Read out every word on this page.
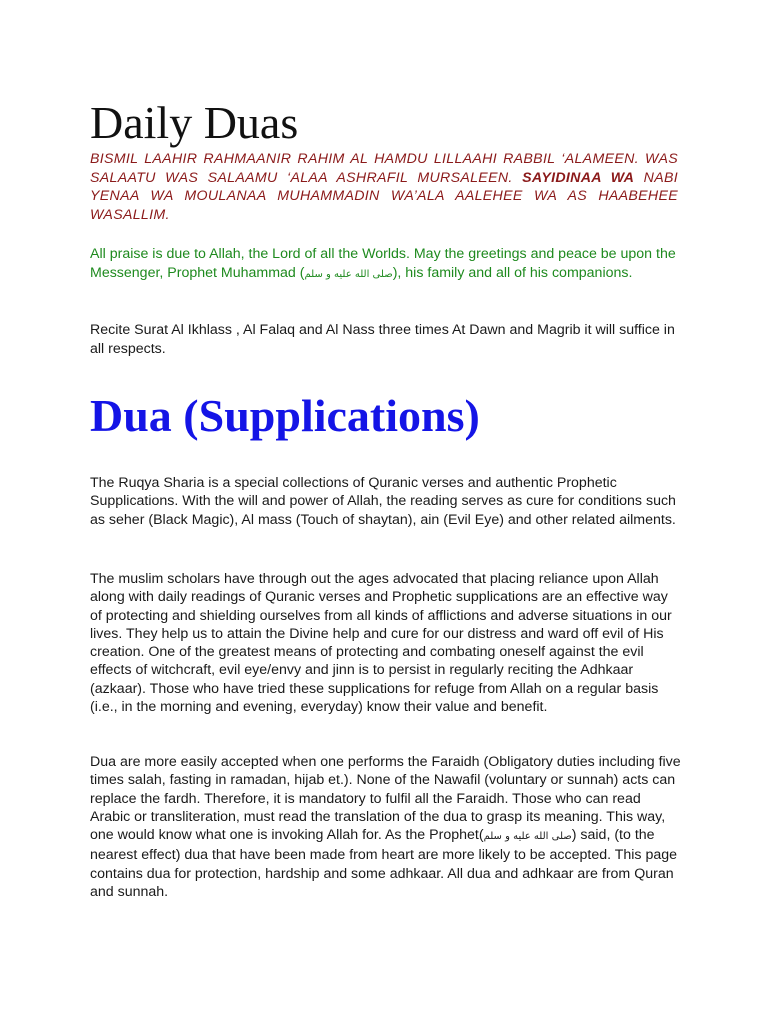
Daily Duas

BISMIL LAAHIR RAHMAANIR RAHIM AL HAMDU LILLAAHI RABBIL ‘ALAMEEN. WAS SALAATU WAS SALAAMU ‘ALAA ASHRAFIL MURSALEEN. SAYIDINAA WA NABI YENAA WA MOULANAA MUHAMMADIN WA’ALA AALEHEE WA AS HAABEHEE WASALLIM.

All praise is due to Allah, the Lord of all the Worlds. May the greetings and peace be upon the Messenger, Prophet Muhammad (صلى الله عليه و سلم), his family and all of his companions.

Recite Surat Al Ikhlass , Al Falaq and Al Nass three times At Dawn and Magrib it will suffice in all respects.

Dua (Supplications)

The Ruqya Sharia is a special collections of Quranic verses and authentic Prophetic Supplications. With the will and power of Allah, the reading serves as cure for conditions such as seher (Black Magic), Al mass (Touch of shaytan), ain (Evil Eye) and other related ailments.

The muslim scholars have through out the ages advocated that placing reliance upon Allah along with daily readings of Quranic verses and Prophetic supplications are an effective way of protecting and shielding ourselves from all kinds of afflictions and adverse situations in our lives. They help us to attain the Divine help and cure for our distress and ward off evil of His creation. One of the greatest means of protecting and combating oneself against the evil effects of witchcraft, evil eye/envy and jinn is to persist in regularly reciting the Adhkaar (azkaar). Those who have tried these supplications for refuge from Allah on a regular basis (i.e., in the morning and evening, everyday) know their value and benefit.

Dua are more easily accepted when one performs the Faraidh (Obligatory duties including five times salah, fasting in ramadan, hijab et.). None of the Nawafil (voluntary or sunnah) acts can replace the fardh. Therefore, it is mandatory to fulfil all the Faraidh. Those who can read Arabic or transliteration, must read the translation of the dua to grasp its meaning. This way, one would know what one is invoking Allah for. As the Prophet(صلى الله عليه و سلم) said, (to the nearest effect) dua that have been made from heart are more likely to be accepted. This page contains dua for protection, hardship and some adhkaar. All dua and adhkaar are from Quran and sunnah.
